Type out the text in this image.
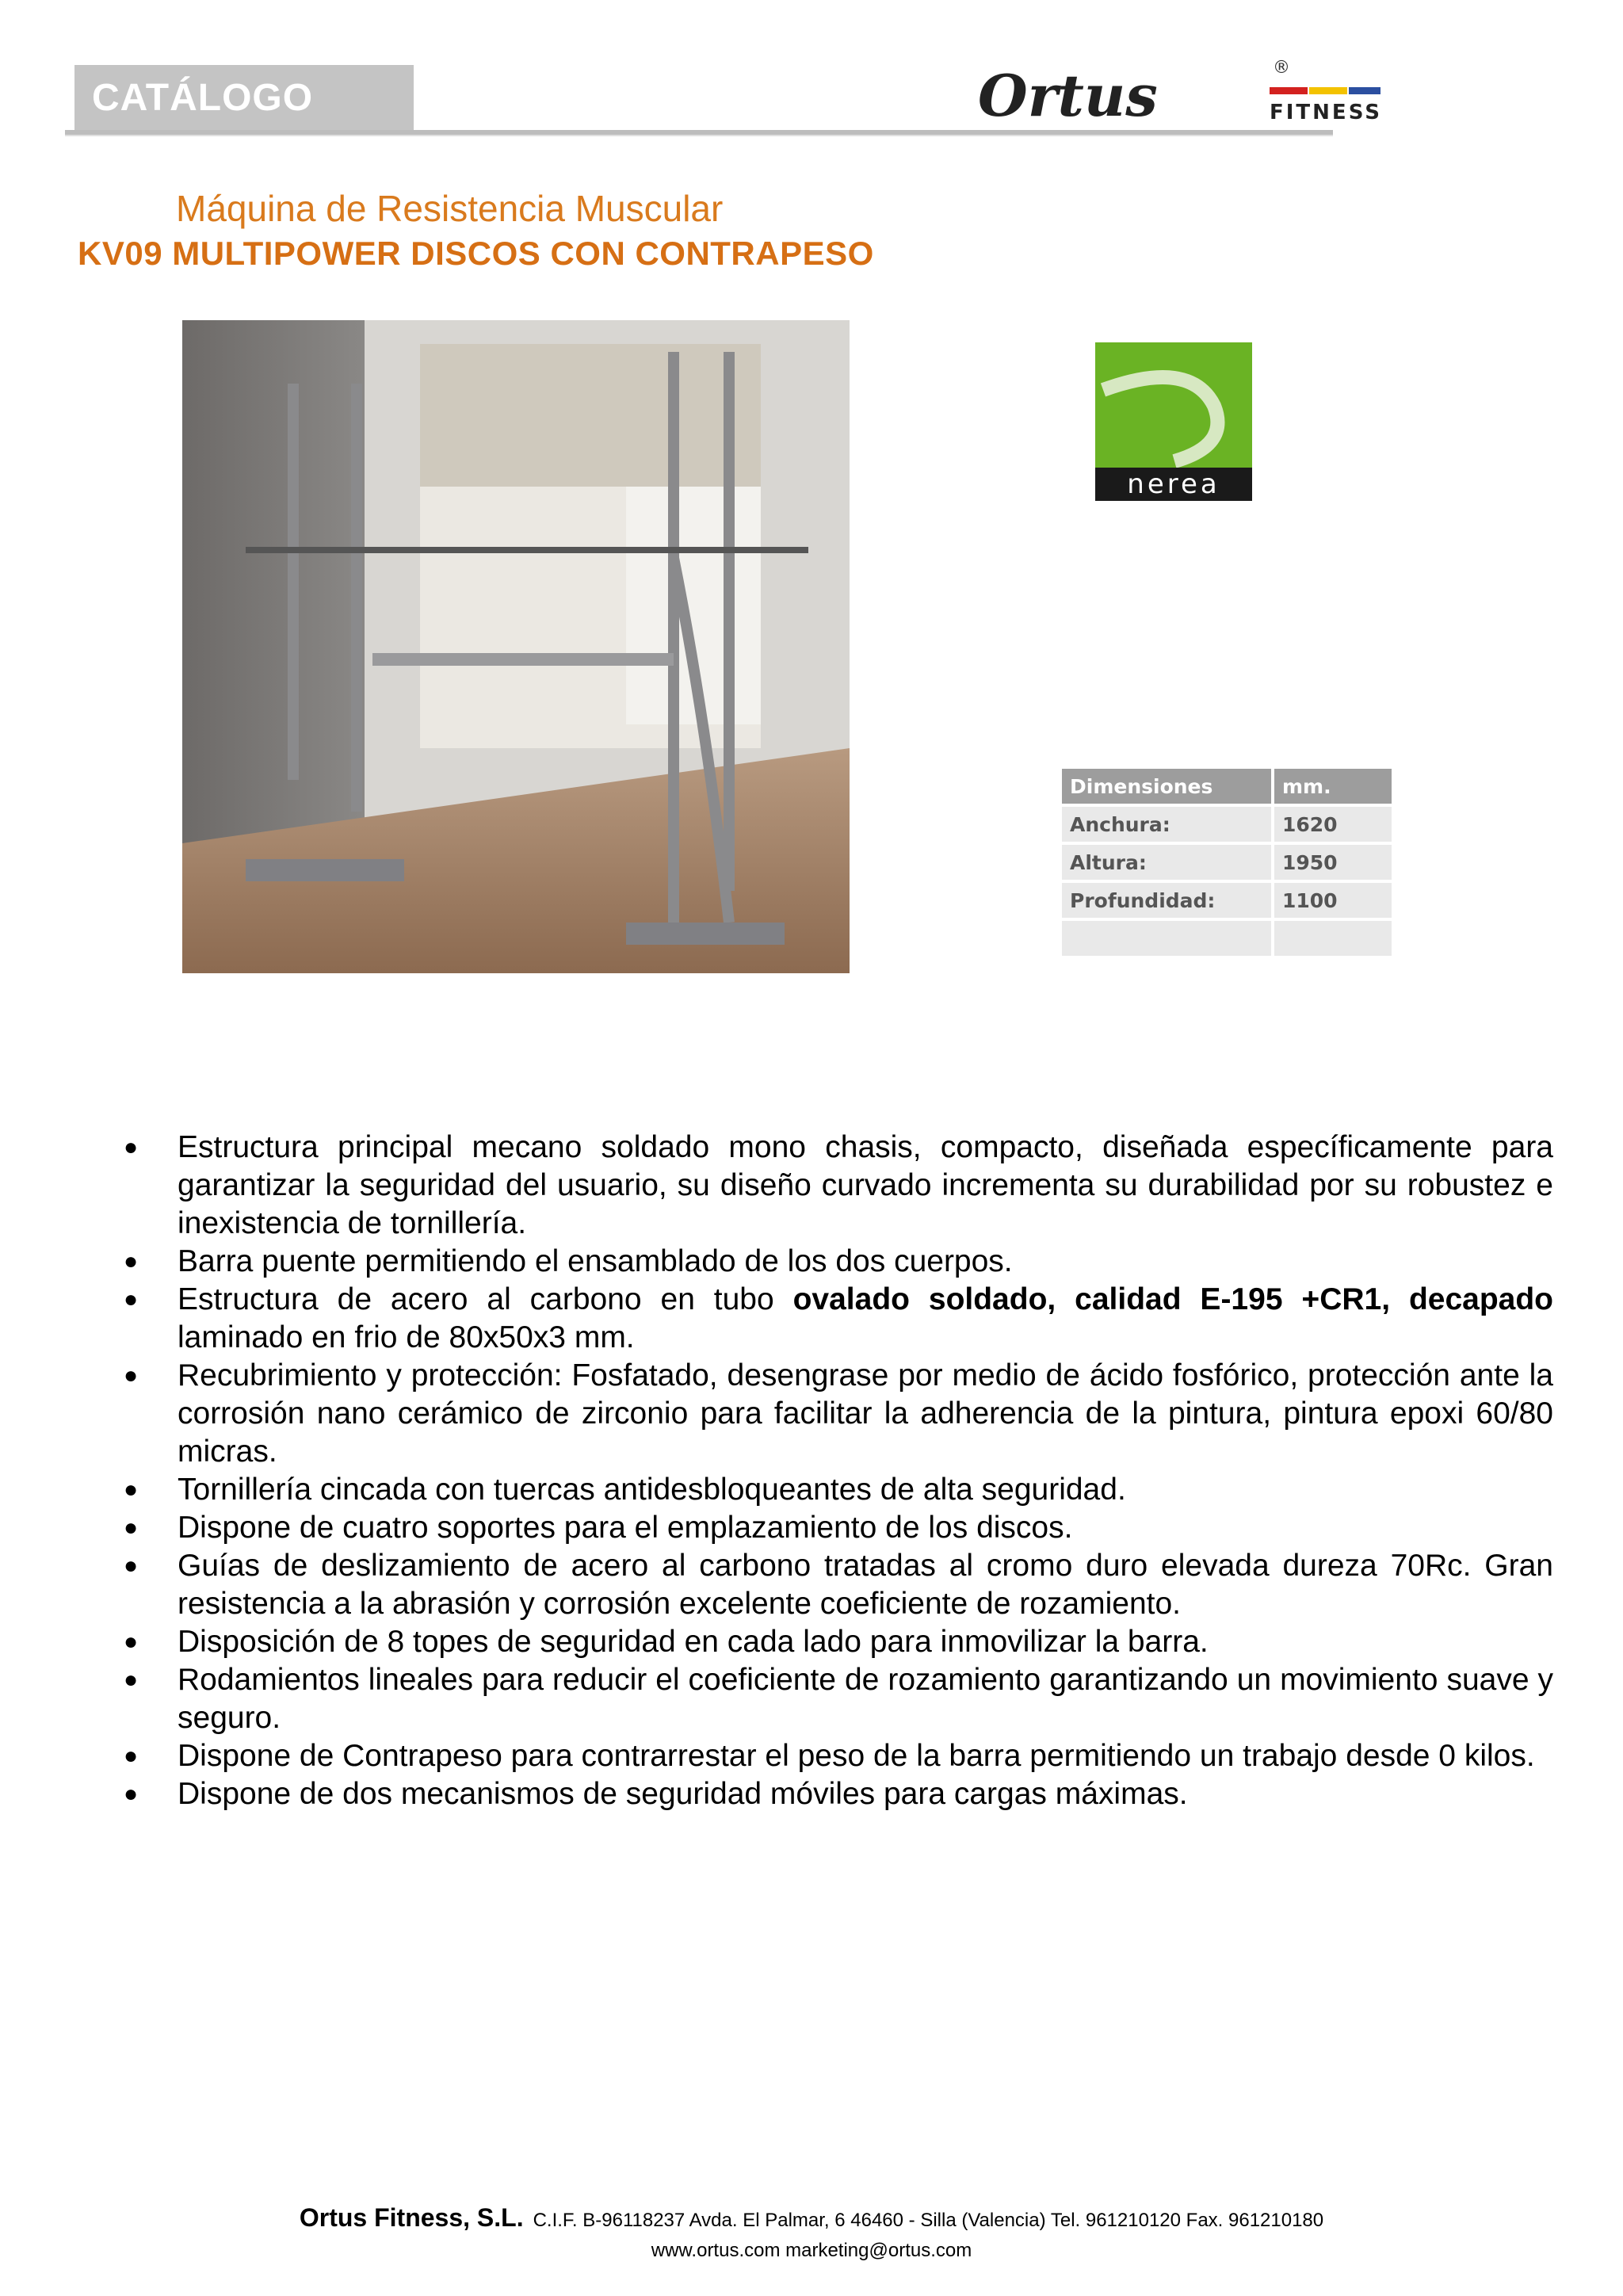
CATÁLOGO	Ortus	®
FITNESS
Máquina de Resistencia Muscular
KV09 MULTIPOWER DISCOS CON CONTRAPESO
nerea
Dimensiones	mm.
Anchura:	1620
Altura:	1950
Profundidad:	1100

● Estructura principal mecano soldado mono chasis, compacto, diseñada específicamente para garantizar la seguridad del usuario, su diseño curvado incrementa su durabilidad por su robustez e inexistencia de tornillería.
● Barra puente permitiendo el ensamblado de los dos cuerpos.
● Estructura de acero al carbono en tubo ovalado soldado, calidad E-195 +CR1, decapado laminado en frio de 80x50x3 mm.
● Recubrimiento y protección: Fosfatado, desengrase por medio de ácido fosfórico, protección ante la corrosión nano cerámico de zirconio para facilitar la adherencia de la pintura, pintura epoxi 60/80 micras.
● Tornillería cincada con tuercas antidesbloqueantes de alta seguridad.
● Dispone de cuatro soportes para el emplazamiento de los discos.
● Guías de deslizamiento de acero al carbono tratadas al cromo duro elevada dureza 70Rc. Gran resistencia a la abrasión y corrosión excelente coeficiente de rozamiento.
● Disposición de 8 topes de seguridad en cada lado para inmovilizar la barra.
● Rodamientos lineales para reducir el coeficiente de rozamiento garantizando un movimiento suave y seguro.
● Dispone de Contrapeso para contrarrestar el peso de la barra permitiendo un trabajo desde 0 kilos.
● Dispone de dos mecanismos de seguridad móviles para cargas máximas.
Ortus Fitness, S.L. C.I.F. B-96118237 Avda. El Palmar, 6 46460 - Silla (Valencia) Tel. 961210120 Fax. 961210180
www.ortus.com marketing@ortus.com
